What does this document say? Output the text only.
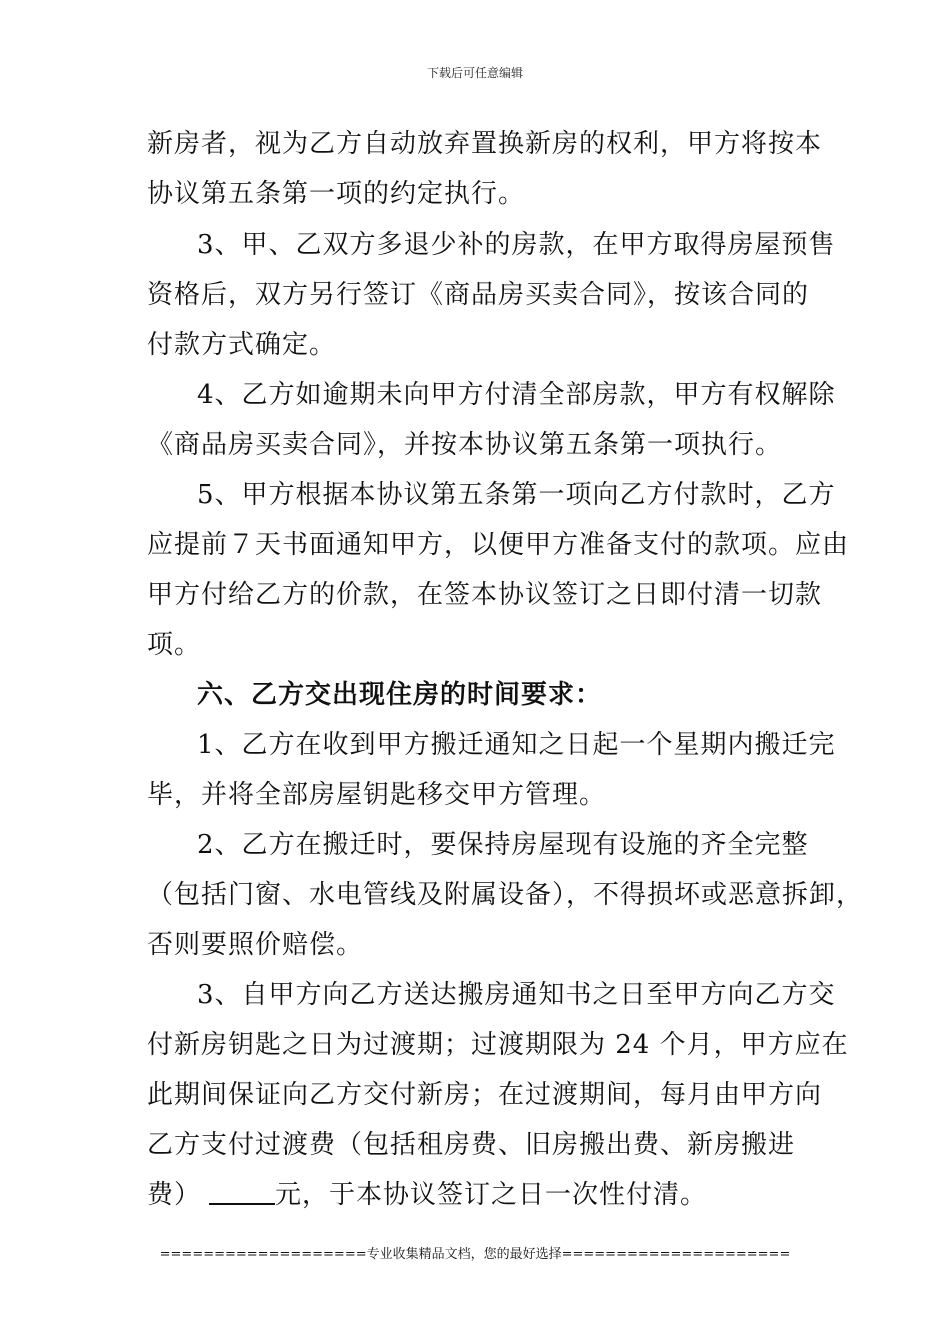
下载后可任意编辑
新房者，视为乙方自动放弃置换新房的权利，甲方将按本
协议第五条第一项的约定执行。
3、甲、乙双方多退少补的房款，在甲方取得房屋预售
资格后，双方另行签订《商品房买卖合同》，按该合同的
付款方式确定。
4、乙方如逾期未向甲方付清全部房款，甲方有权解除
《商品房买卖合同》，并按本协议第五条第一项执行。
5、甲方根据本协议第五条第一项向乙方付款时，乙方
应提前７天书面通知甲方，以便甲方准备支付的款项。应由
甲方付给乙方的价款，在签本协议签订之日即付清一切款
项。
六、乙方交出现住房的时间要求：
1、乙方在收到甲方搬迁通知之日起一个星期内搬迁完
毕，并将全部房屋钥匙移交甲方管理。
2、乙方在搬迁时，要保持房屋现有设施的齐全完整
（包括门窗、水电管线及附属设备），不得损坏或恶意拆卸，
否则要照价赔偿。
3、自甲方向乙方送达搬房通知书之日至甲方向乙方交
付新房钥匙之日为过渡期；过渡期限为 24 个月，甲方应在
此期间保证向乙方交付新房；在过渡期间，每月由甲方向
乙方支付过渡费（包括租房费、旧房搬出费、新房搬进
费）	元，于本协议签订之日一次性付清。
===================专业收集精品文档，您的最好选择=====================
